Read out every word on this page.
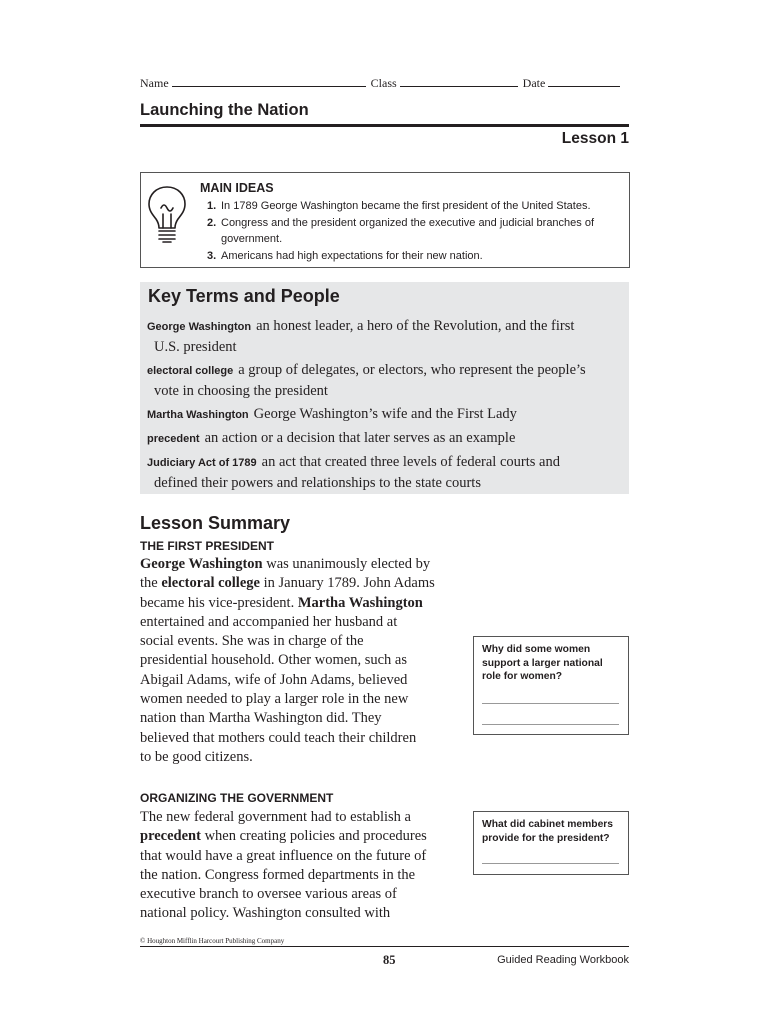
Name	Class	Date
Launching the Nation
Lesson 1
MAIN IDEAS
1. In 1789 George Washington became the first president of the United States.
2. Congress and the president organized the executive and judicial branches of
government.
3. Americans had high expectations for their new nation.
Key Terms and People
George Washington an honest leader, a hero of the Revolution, and the first
U.S. president
electoral college a group of delegates, or electors, who represent the people’s
vote in choosing the president
Martha Washington George Washington’s wife and the First Lady
precedent an action or a decision that later serves as an example
Judiciary Act of 1789 an act that created three levels of federal courts and
defined their powers and relationships to the state courts
Lesson Summary
THE FIRST PRESIDENT
George Washington was unanimously elected by
the electoral college in January 1789. John Adams
became his vice-president. Martha Washington
entertained and accompanied her husband at
social events. She was in charge of the
presidential household. Other women, such as
Abigail Adams, wife of John Adams, believed
women needed to play a larger role in the new
nation than Martha Washington did. They
believed that mothers could teach their children
to be good citizens.
ORGANIZING THE GOVERNMENT
The new federal government had to establish a
precedent when creating policies and procedures
that would have a great influence on the future of
the nation. Congress formed departments in the
executive branch to oversee various areas of
national policy. Washington consulted with
Why did some women
support a larger national
role for women?
What did cabinet members
provide for the president?
© Houghton Mifflin Harcourt Publishing Company
85	Guided Reading Workbook
